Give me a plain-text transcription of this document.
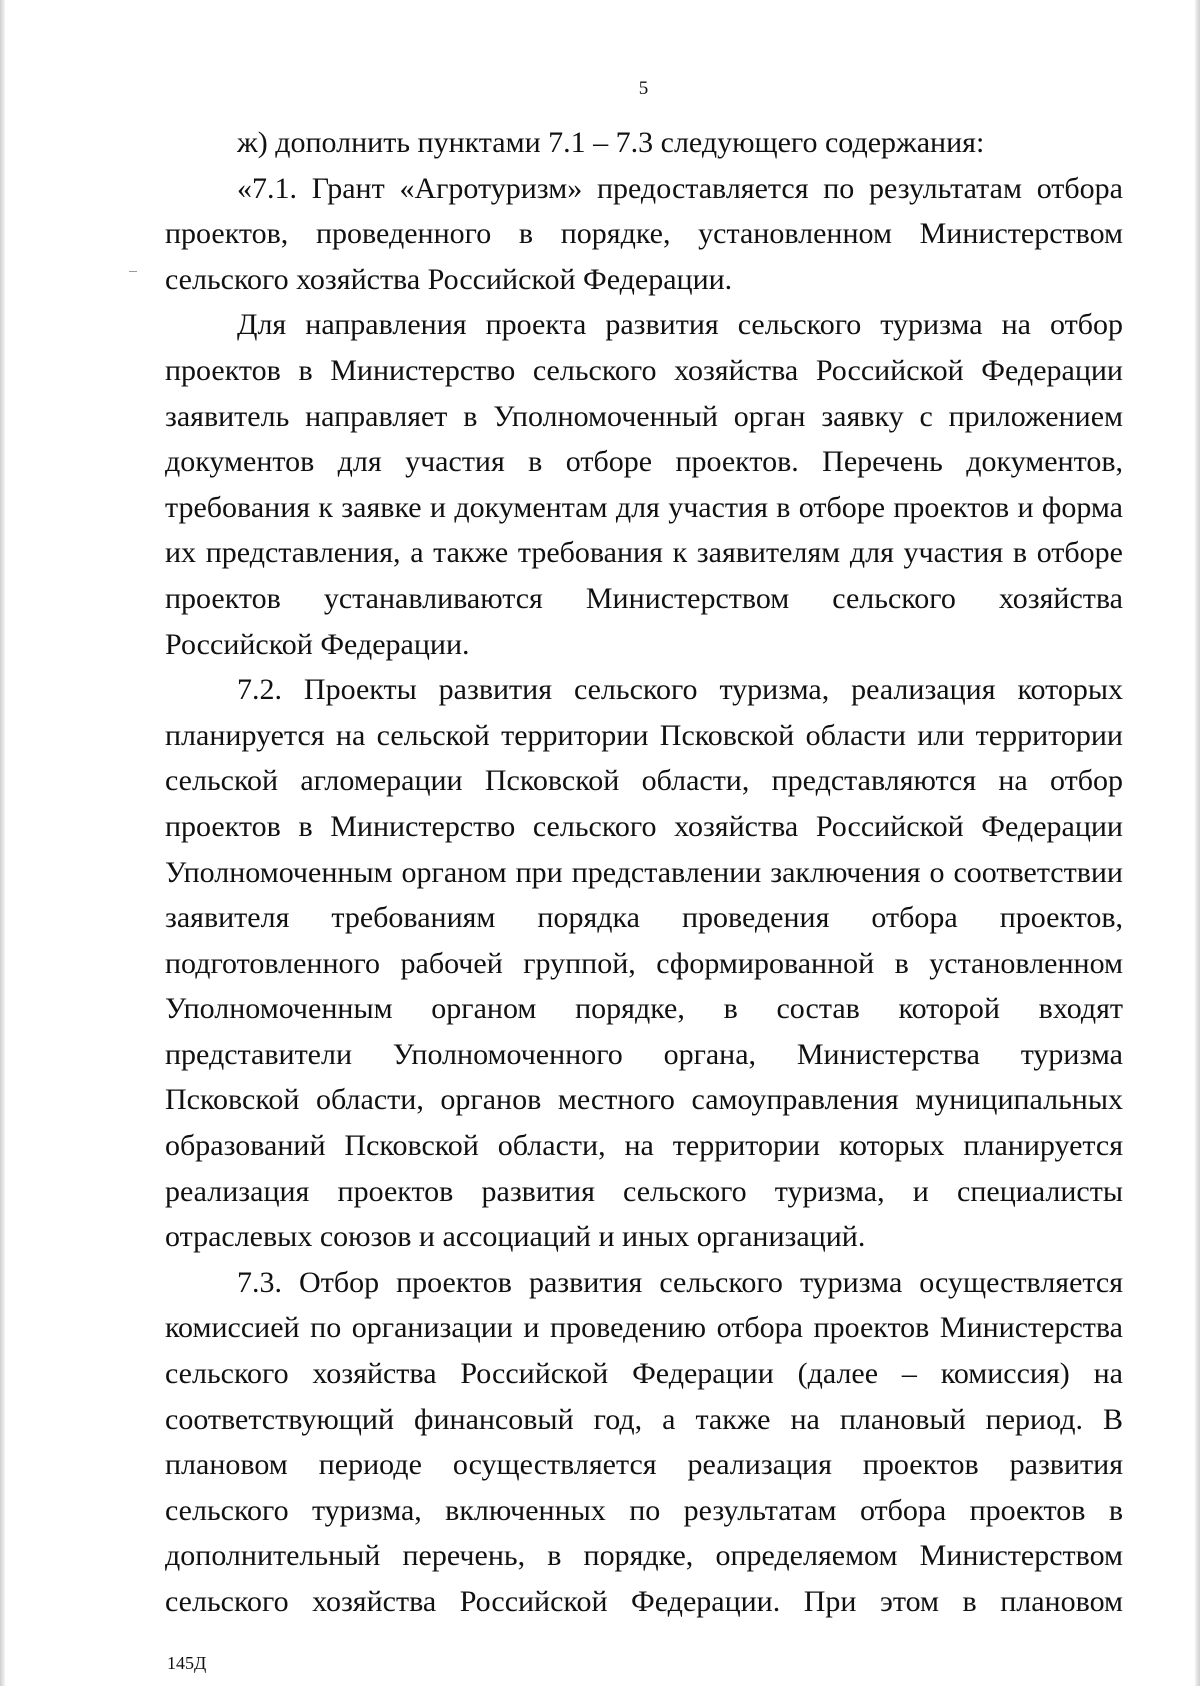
5

ж) дополнить пунктами 7.1 – 7.3 следующего содержания:

«7.1. Грант «Агротуризм» предоставляется по результатам отбора проектов, проведенного в порядке, установленном Министерством сельского хозяйства Российской Федерации.

Для направления проекта развития сельского туризма на отбор проектов в Министерство сельского хозяйства Российской Федерации заявитель направляет в Уполномоченный орган заявку с приложением документов для участия в отборе проектов. Перечень документов, требования к заявке и документам для участия в отборе проектов и форма их представления, а также требования к заявителям для участия в отборе проектов устанавливаются Министерством сельского хозяйства Российской Федерации.

7.2. Проекты развития сельского туризма, реализация которых планируется на сельской территории Псковской области или территории сельской агломерации Псковской области, представляются на отбор проектов в Министерство сельского хозяйства Российской Федерации Уполномоченным органом при представлении заключения о соответствии заявителя требованиям порядка проведения отбора проектов, подготовленного рабочей группой, сформированной в установленном Уполномоченным органом порядке, в состав которой входят представители Уполномоченного органа, Министерства туризма Псковской области, органов местного самоуправления муниципальных образований Псковской области, на территории которых планируется реализация проектов развития сельского туризма, и специалисты отраслевых союзов и ассоциаций и иных организаций.

7.3. Отбор проектов развития сельского туризма осуществляется комиссией по организации и проведению отбора проектов Министерства сельского хозяйства Российской Федерации (далее – комиссия) на соответствующий финансовый год, а также на плановый период. В плановом периоде осуществляется реализация проектов развития сельского туризма, включенных по результатам отбора проектов в дополнительный перечень, в порядке, определяемом Министерством сельского хозяйства Российской Федерации. При этом в плановом

145Д
